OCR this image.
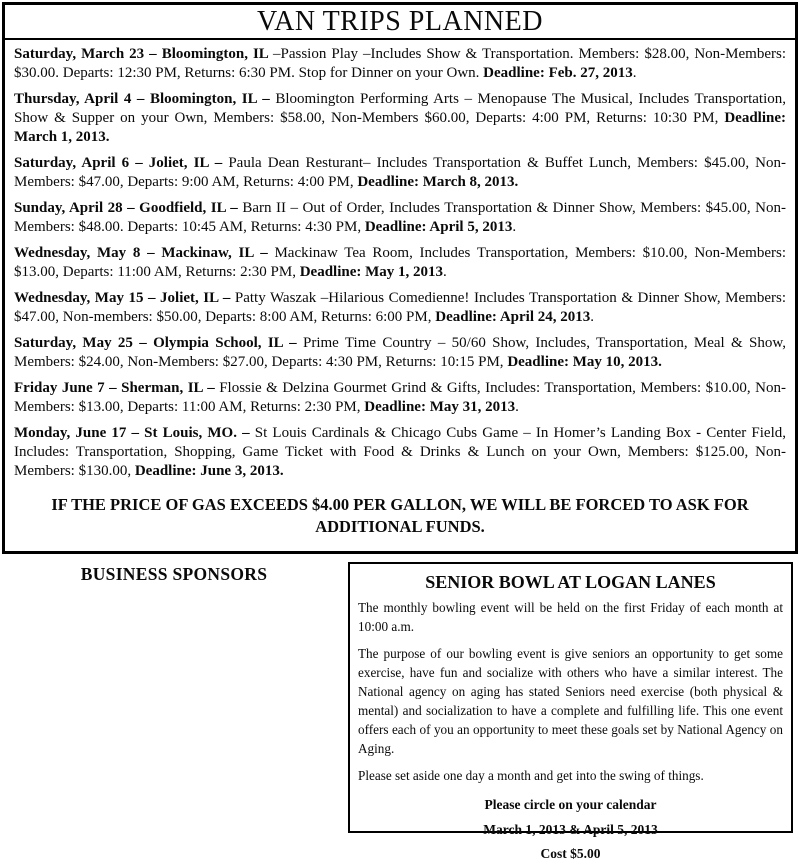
VAN TRIPS PLANNED

Saturday, March 23 – Bloomington, IL –Passion Play –Includes Show & Transportation. Members: $28.00, Non-Members: $30.00. Departs: 12:30 PM, Returns: 6:30 PM. Stop for Dinner on your Own. Deadline: Feb. 27, 2013.

Thursday, April 4 – Bloomington, IL – Bloomington Performing Arts – Menopause The Musical, Includes Transportation, Show & Supper on your Own, Members: $58.00, Non-Members $60.00, Departs: 4:00 PM, Returns: 10:30 PM, Deadline: March 1, 2013.

Saturday, April 6 – Joliet, IL – Paula Dean Resturant– Includes Transportation & Buffet Lunch, Members: $45.00, Non-Members: $47.00, Departs: 9:00 AM, Returns: 4:00 PM, Deadline: March 8, 2013.

Sunday, April 28 – Goodfield, IL – Barn II – Out of Order, Includes Transportation & Dinner Show, Members: $45.00, Non-Members: $48.00. Departs: 10:45 AM, Returns: 4:30 PM, Deadline: April 5, 2013.

Wednesday, May 8 – Mackinaw, IL – Mackinaw Tea Room, Includes Transportation, Members: $10.00, Non-Members: $13.00, Departs: 11:00 AM, Returns: 2:30 PM, Deadline: May 1, 2013.

Wednesday, May 15 – Joliet, IL – Patty Waszak –Hilarious Comedienne! Includes Transportation & Dinner Show, Members: $47.00, Non-members: $50.00, Departs: 8:00 AM, Returns: 6:00 PM, Deadline: April 24, 2013.

Saturday, May 25 – Olympia School, IL – Prime Time Country – 50/60 Show, Includes, Transportation, Meal & Show, Members: $24.00, Non-Members: $27.00, Departs: 4:30 PM, Returns: 10:15 PM, Deadline: May 10, 2013.

Friday June 7 – Sherman, IL – Flossie & Delzina Gourmet Grind & Gifts, Includes: Transportation, Members: $10.00, Non-Members: $13.00, Departs: 11:00 AM, Returns: 2:30 PM, Deadline: May 31, 2013.

Monday, June 17 – St Louis, MO. – St Louis Cardinals & Chicago Cubs Game – In Homer’s Landing Box - Center Field, Includes: Transportation, Shopping, Game Ticket with Food & Drinks & Lunch on your Own, Members: $125.00, Non-Members: $130.00, Deadline: June 3, 2013.

IF THE PRICE OF GAS EXCEEDS $4.00 PER GALLON, WE WILL BE FORCED TO ASK FOR ADDITIONAL FUNDS.
BUSINESS SPONSORS	SENIOR BOWL AT LOGAN LANES

The monthly bowling event will be held on the first Friday of each month at 10:00 a.m.

The purpose of our bowling event is give seniors an opportunity to get some exercise, have fun and socialize with others who have a similar interest. The National agency on aging has stated Seniors need exercise (both physical & mental) and socialization to have a complete and fulfilling life. This one event offers each of you an opportunity to meet these goals set by National Agency on Aging.

Please set aside one day a month and get into the swing of things.

Please circle on your calendar
March 1, 2013 & April 5, 2013
Cost $5.00
